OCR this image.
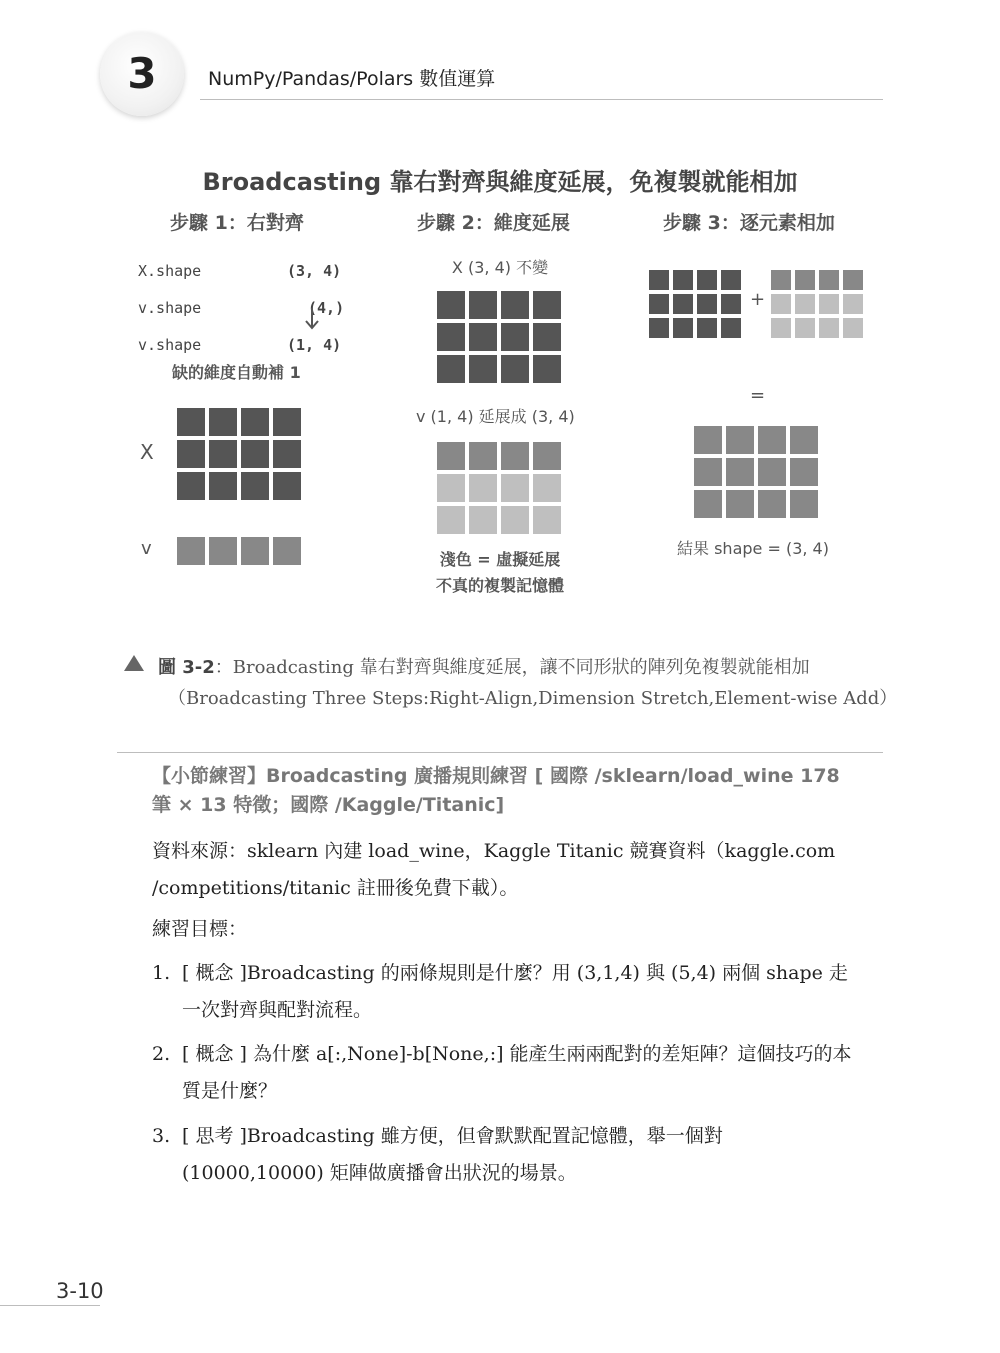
3	NumPy/Pandas/Polars 數值運算
Broadcasting 靠右對齊與維度延展，免複製就能相加
步驟 1：右對齊
X.shape	(3, 4)
v.shape	(4,)
v.shape	(1, 4)
缺的維度自動補 1
X
v
步驟 2：維度延展
X (3, 4) 不變
v (1, 4) 延展成 (3, 4)
淺色 = 虛擬延展
不真的複製記憶體
步驟 3：逐元素相加
+
=
結果 shape = (3, 4)
圖 3-2：Broadcasting 靠右對齊與維度延展，讓不同形狀的陣列免複製就能相加
（Broadcasting Three Steps:Right-Align,Dimension Stretch,Element-wise Add）
【小節練習】Broadcasting 廣播規則練習 [ 國際 /sklearn/load_wine 178 筆 × 13 特徵；國際 /Kaggle/Titanic]
資料來源：sklearn 內建 load_wine，Kaggle Titanic 競賽資料（kaggle.com /competitions/titanic 註冊後免費下載）。
練習目標：
1. [ 概念 ]Broadcasting 的兩條規則是什麼？用 (3,1,4) 與 (5,4) 兩個 shape 走一次對齊與配對流程。
2. [ 概念 ] 為什麼 a[:,None]-b[None,:] 能產生兩兩配對的差矩陣？這個技巧的本質是什麼？
3. [ 思考 ]Broadcasting 雖方便，但會默默配置記憶體，舉一個對 (10000,10000) 矩陣做廣播會出狀況的場景。
3-10
